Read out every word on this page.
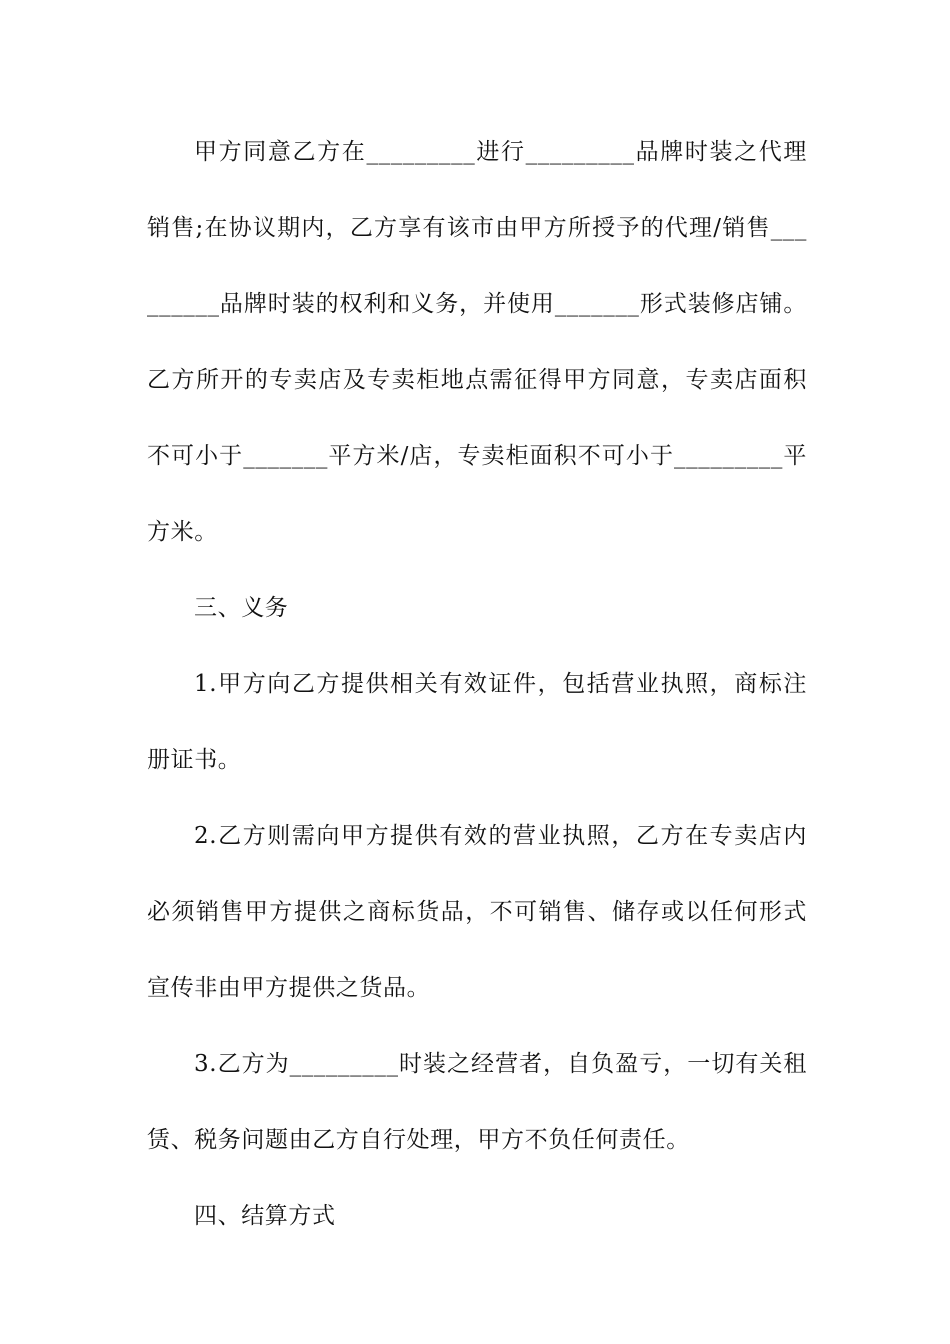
甲方同意乙方在_________进行_________品牌时装之代理
销售;在协议期内，乙方享有该市由甲方所授予的代理/销售___
______品牌时装的权利和义务，并使用_______形式装修店铺。
乙方所开的专卖店及专卖柜地点需征得甲方同意，专卖店面积
不可小于_______平方米/店，专卖柜面积不可小于_________平
方米。
三、义务
1.甲方向乙方提供相关有效证件，包括营业执照，商标注
册证书。
2.乙方则需向甲方提供有效的营业执照，乙方在专卖店内
必须销售甲方提供之商标货品，不可销售、储存或以任何形式
宣传非由甲方提供之货品。
3.乙方为_________时装之经营者，自负盈亏，一切有关租
赁、税务问题由乙方自行处理，甲方不负任何责任。
四、结算方式
